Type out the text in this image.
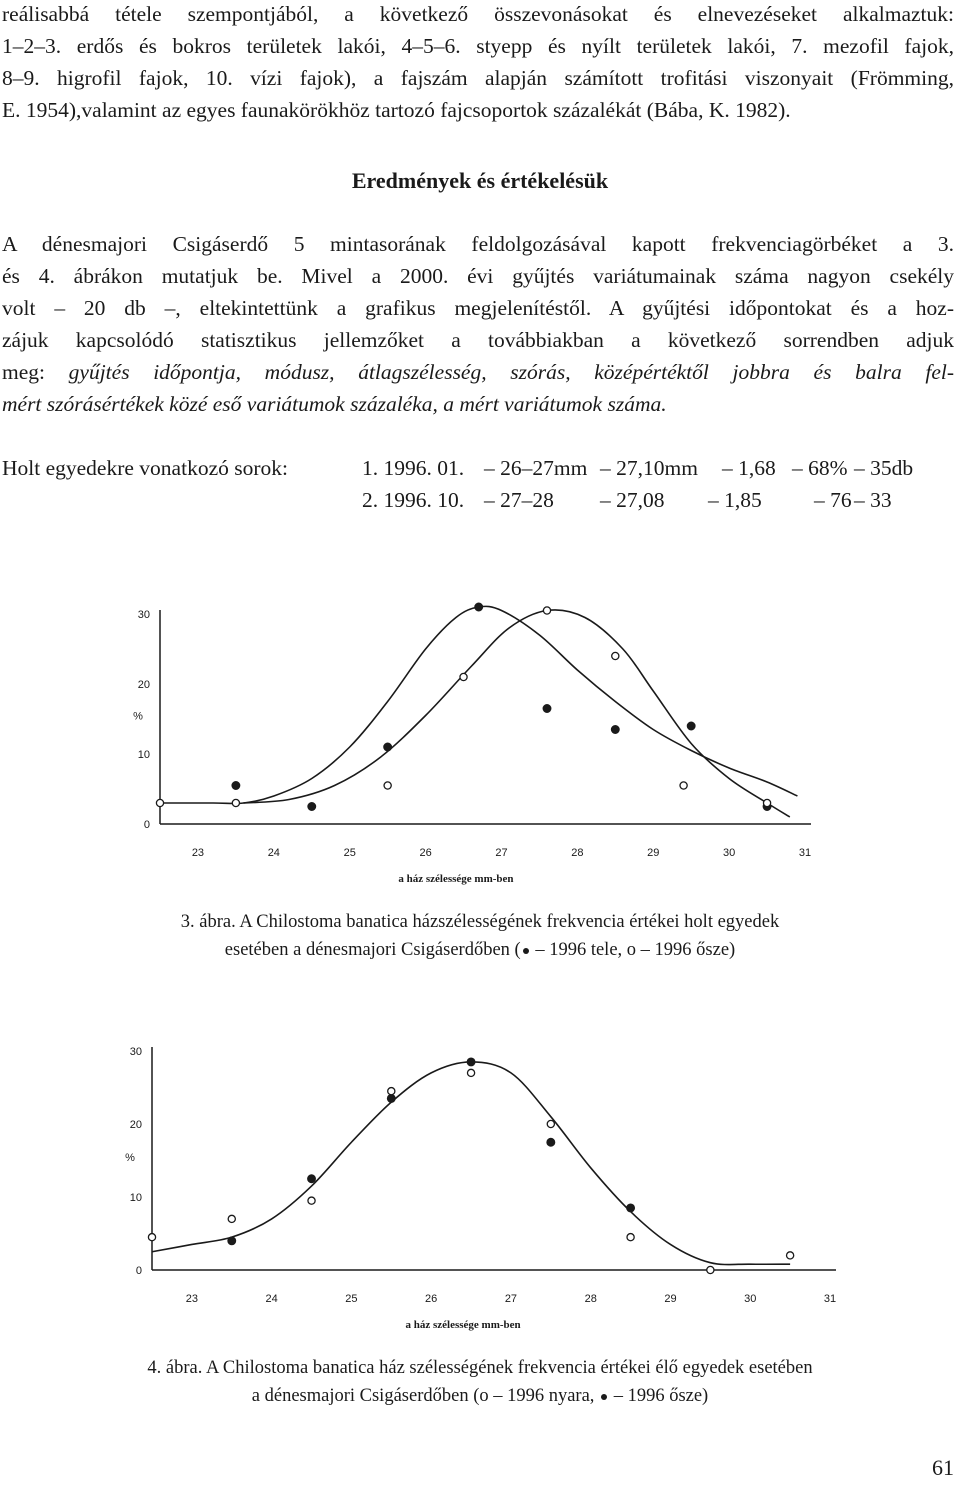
reálisabbá tétele szempontjából, a következő összevonásokat és elnevezéseket alkalmaztuk:
1–2–3. erdős és bokros területek lakói, 4–5–6. styepp és nyílt területek lakói, 7. mezofil fajok,
8–9. higrofil fajok, 10. vízi fajok), a fajszám alapján számított trofitási viszonyait (Frömming,
E. 1954),valamint az egyes faunakörökhöz tartozó fajcsoportok százalékát (Bába, K. 1982).
Eredmények és értékelésük
A dénesmajori Csigáserdő 5 mintasorának feldolgozásával kapott frekvenciagörbéket a 3.
és 4. ábrákon mutatjuk be. Mivel a 2000. évi gyűjtés variátumainak száma nagyon csekély
volt – 20 db –, eltekintettünk a grafikus megjelenítéstől. A gyűjtési időpontokat és a hoz-
zájuk kapcsolódó statisztikus jellemzőket a továbbiakban a következő sorrendben adjuk
meg: gyűjtés időpontja, módusz, átlagszélesség, szórás, középértéktől jobbra és balra fel-
mért szórásértékek közé eső variátumok százaléka, a mért variátumok száma.
Holt egyedekre vonatkozó sorok:	1. 1996. 01. – 26–27mm – 27,10mm – 1,68 – 68% – 35db
2. 1996. 10. – 27–28 – 27,08 – 1,85 – 76 – 33
0
10
20
30
%
23	24	25	26	27	28	29	30	31
a ház szélessége mm-ben
3. ábra. A Chilostoma banatica házszélességének frekvencia értékei holt egyedek
esetében a dénesmajori Csigáserdőben ( – 1996 tele, o – 1996 ősze)
0
10
20
30
%
23	24	25	26	27	28	29	30	31
a ház szélessége mm-ben
4. ábra. A Chilostoma banatica ház szélességének frekvencia értékei élő egyedek esetében
a dénesmajori Csigáserdőben (o – 1996 nyara,  – 1996 ősze)
61
